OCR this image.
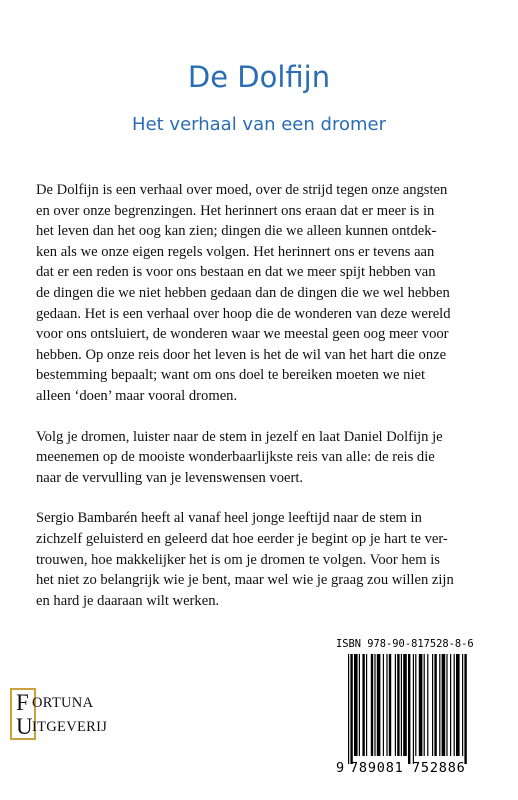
De Dolfijn
Het verhaal van een dromer

De Dolfijn is een verhaal over moed, over de strijd tegen onze angsten
en over onze begrenzingen. Het herinnert ons eraan dat er meer is in
het leven dan het oog kan zien; dingen die we alleen kunnen ontdek-
ken als we onze eigen regels volgen. Het herinnert ons er tevens aan
dat er een reden is voor ons bestaan en dat we meer spijt hebben van
de dingen die we niet hebben gedaan dan de dingen die we wel hebben
gedaan. Het is een verhaal over hoop die de wonderen van deze wereld
voor ons ontsluiert, de wonderen waar we meestal geen oog meer voor
hebben. Op onze reis door het leven is het de wil van het hart die onze
bestemming bepaalt; want om ons doel te bereiken moeten we niet
alleen ‘doen’ maar vooral dromen.

Volg je dromen, luister naar de stem in jezelf en laat Daniel Dolfijn je
meenemen op de mooiste wonderbaarlijkste reis van alle: de reis die
naar de vervulling van je levenswensen voert.

Sergio Bambarén heeft al vanaf heel jonge leeftijd naar de stem in
zichzelf geluisterd en geleerd dat hoe eerder je begint op je hart te ver-
trouwen, hoe makkelijker het is om je dromen te volgen. Voor hem is
het niet zo belangrijk wie je bent, maar wel wie je graag zou willen zijn
en hard je daaraan wilt werken.

F ORTUNA
U ITGEVERIJ
ISBN 978-90-817528-8-6
9 789081 752886
